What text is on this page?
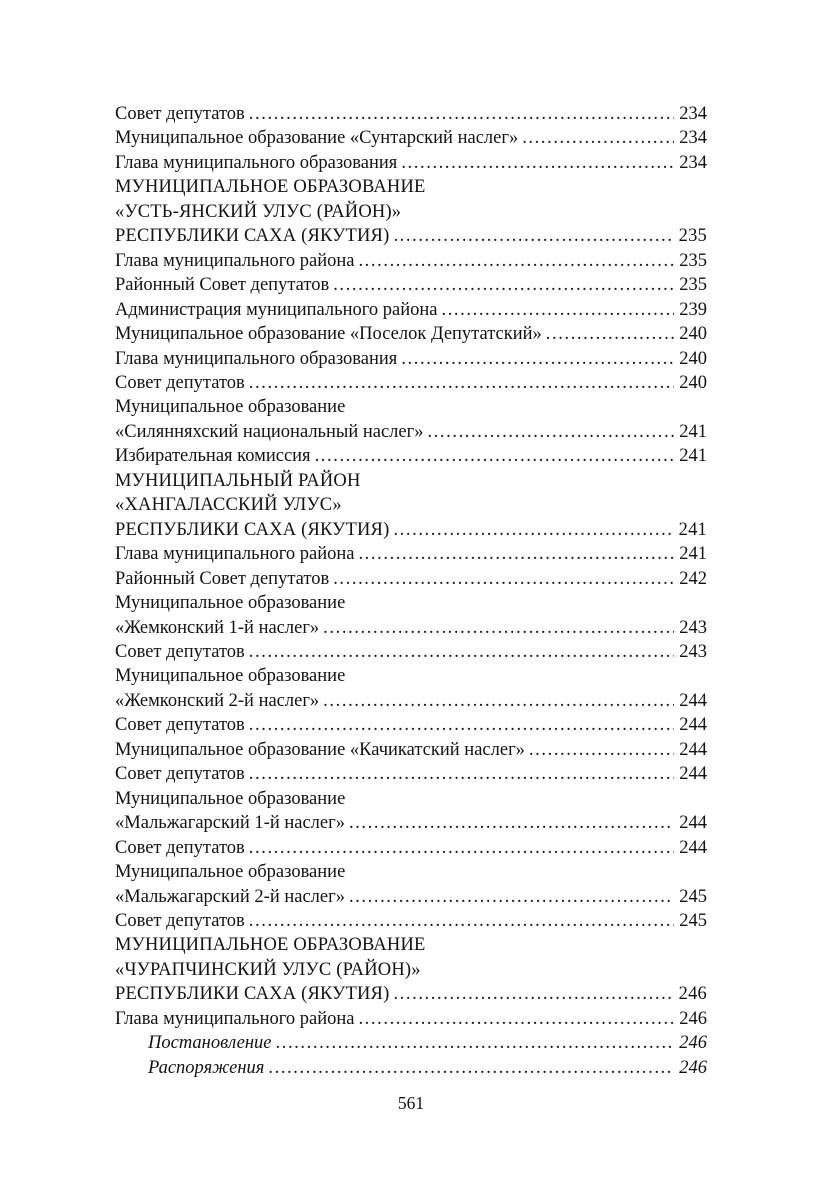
Совет депутатов .....	234
Муниципальное образование «Сунтарский наслег» .....	234
Глава муниципального образования .....	234
МУНИЦИПАЛЬНОЕ ОБРАЗОВАНИЕ
«УСТЬ-ЯНСКИЙ УЛУС (РАЙОН)»
РЕСПУБЛИКИ САХА (ЯКУТИЯ) .....	235
Глава муниципального района .....	235
Районный Совет депутатов .....	235
Администрация муниципального района .....	239
Муниципальное образование «Поселок Депутатский» .....	240
Глава муниципального образования .....	240
Совет депутатов .....	240
Муниципальное образование
«Силянняхский национальный наслег» .....	241
Избирательная комиссия .....	241
МУНИЦИПАЛЬНЫЙ РАЙОН
«ХАНГАЛАССКИЙ УЛУС»
РЕСПУБЛИКИ САХА (ЯКУТИЯ) .....	241
Глава муниципального района .....	241
Районный Совет депутатов .....	242
Муниципальное образование
«Жемконский 1-й наслег» .....	243
Совет депутатов .....	243
Муниципальное образование
«Жемконский 2-й наслег» .....	244
Совет депутатов .....	244
Муниципальное образование «Качикатский наслег» .....	244
Совет депутатов .....	244
Муниципальное образование
«Мальжагарский 1-й наслег» .....	244
Совет депутатов .....	244
Муниципальное образование
«Мальжагарский 2-й наслег» .....	245
Совет депутатов .....	245
МУНИЦИПАЛЬНОЕ ОБРАЗОВАНИЕ
«ЧУРАПЧИНСКИЙ УЛУС (РАЙОН)»
РЕСПУБЛИКИ САХА (ЯКУТИЯ) .....	246
Глава муниципального района .....	246
Постановление .....	246
Распоряжения .....	246
561
